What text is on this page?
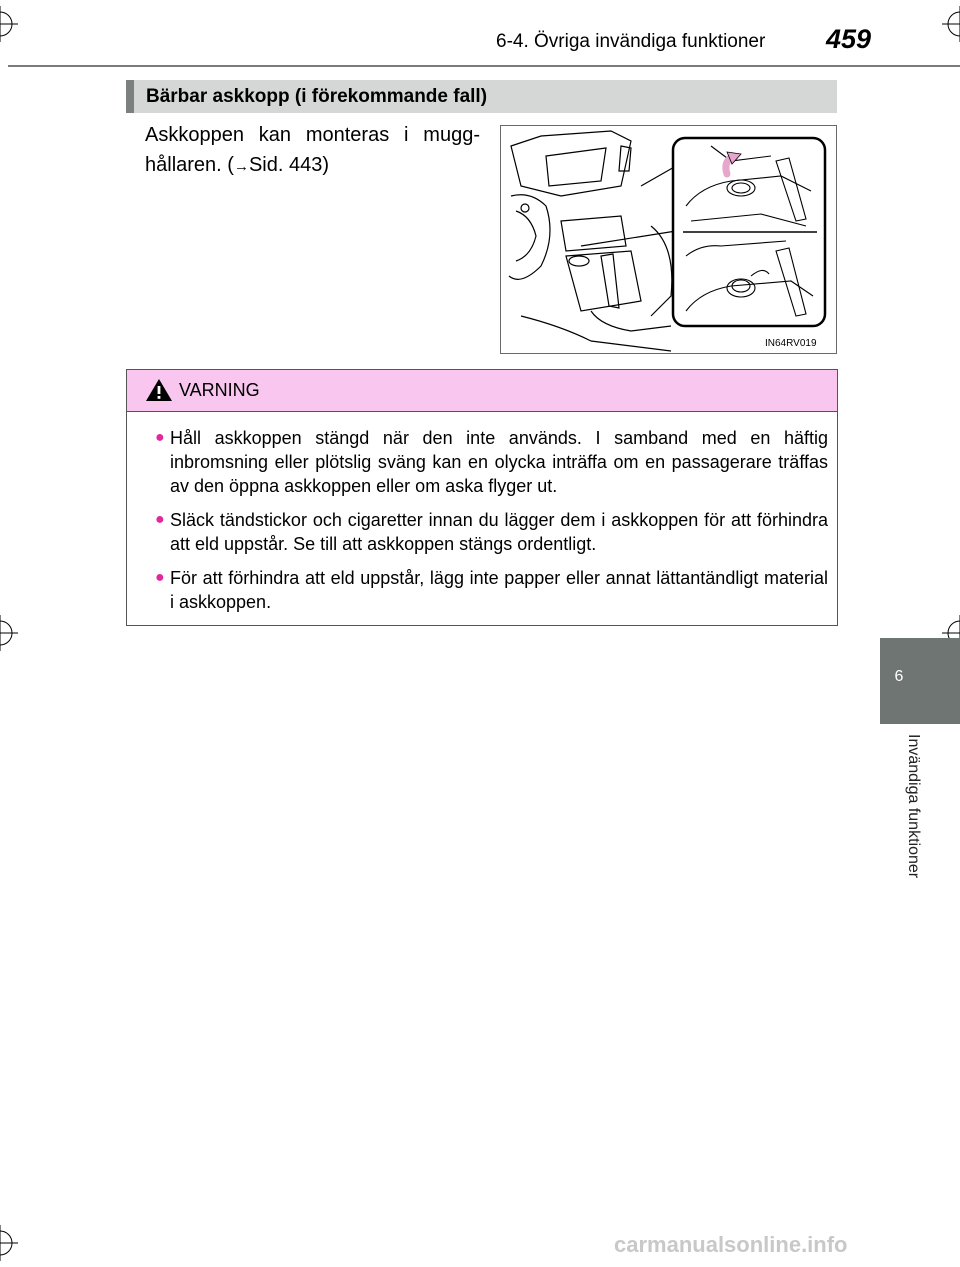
6-4. Övriga invändiga funktioner 459
6
Invändiga funktioner
Bärbar askkopp (i förekommande fall)
Askkoppen kan monteras i mugg-hållaren. (→Sid. 443)
IN64RV019
VARNING
● Håll askkoppen stängd när den inte används. I samband med en häftig inbromsning eller plötslig sväng kan en olycka inträffa om en passagerare träffas av den öppna askkoppen eller om aska flyger ut.
● Släck tändstickor och cigaretter innan du lägger dem i askkoppen för att förhindra att eld uppstår. Se till att askkoppen stängs ordentligt.
● För att förhindra att eld uppstår, lägg inte papper eller annat lättantändligt material i askkoppen.
carmanualsonline.info
